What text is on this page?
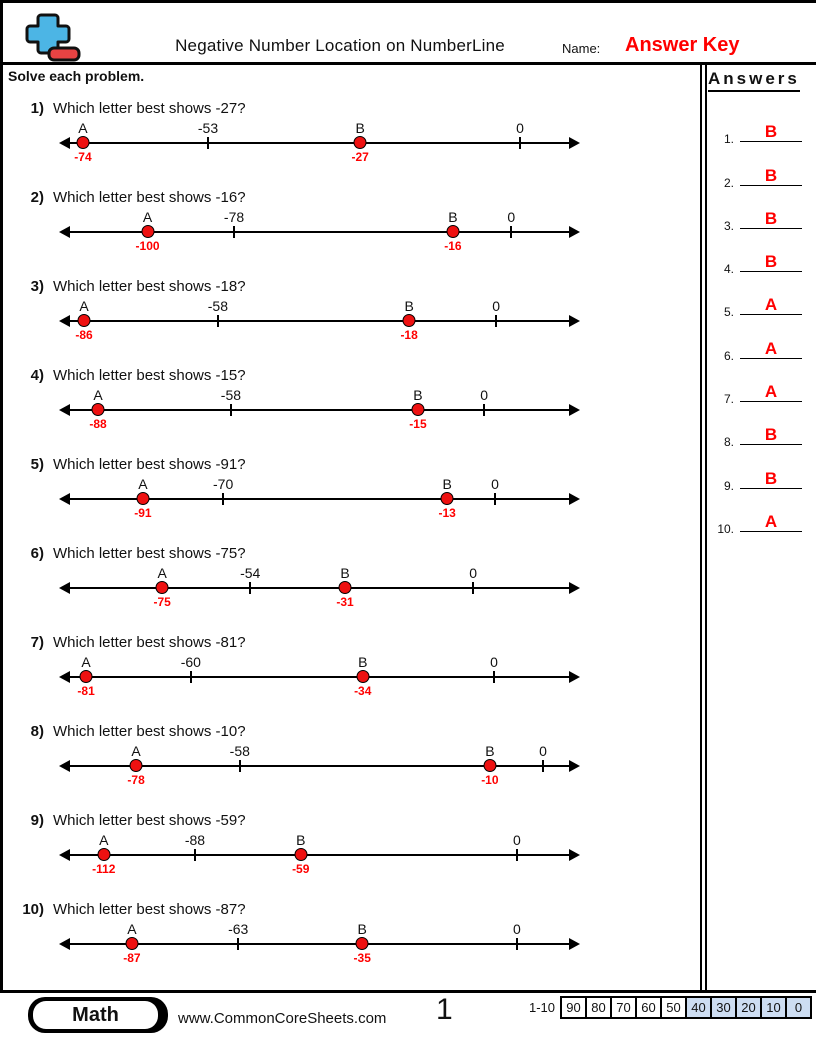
Negative Number Location on NumberLine	Name: Answer Key
Solve each problem.
1) Which letter best shows -27?
A
-74
-53	B
-27
0
2) Which letter best shows -16?
A
-100
-78	B
-16
0
3) Which letter best shows -18?
A
-86
-58	B
-18
0
4) Which letter best shows -15?
A
-88
-58	B
-15
0
5) Which letter best shows -91?
A
-91
-70	B
-13
0
6) Which letter best shows -75?
A
-75
-54	B
-31
0
7) Which letter best shows -81?
A
-81
-60	B
-34
0
8) Which letter best shows -10?
A
-78
-58	B
-10
0
9) Which letter best shows -59?
A
-112
-88	B
-59
0
10) Which letter best shows -87?
A
-87
-63	B
-35
0
Answers
1.	B
2.	B
3.	B
4.	B
5.	A
6.	A
7.	A
8.	B
9.	B
10.	A
Math	www.CommonCoreSheets.com 1	1-10 90 80 70 60 50 40 30 20 10	0
